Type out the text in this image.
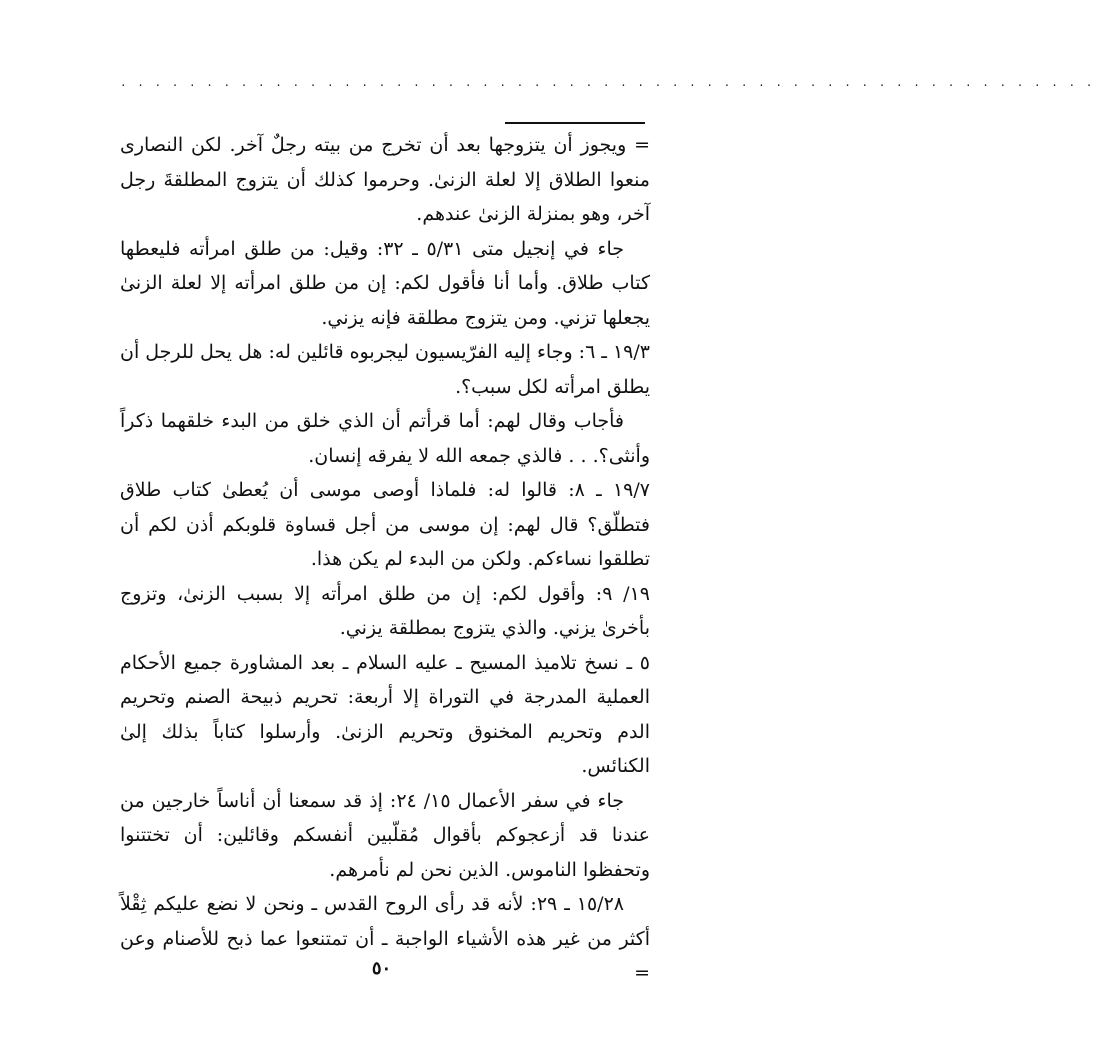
. . . . . . . . . . . . . . . . . . . . . . . . . . . . . . . . . . . . . . . . . . . . . . . . . . . . . . . . .

= ويجوز أن يتزوجها بعد أن تخرج من بيته رجلٌ آخر. لكن النصارى منعوا الطلاق إلا لعلة الزنىٰ. وحرموا كذلك أن يتزوج المطلقةَ رجل آخر، وهو بمنزلة الزنىٰ عندهم.

جاء في إنجيل متى ٥/٣١ ـ ٣٢: وقيل: من طلق امرأته فليعطها كتاب طلاق. وأما أنا فأقول لكم: إن من طلق امرأته إلا لعلة الزنىٰ يجعلها تزني. ومن يتزوج مطلقة فإنه يزني.

١٩/٣ ـ ٦: وجاء إليه الفرّيسيون ليجربوه قائلين له: هل يحل للرجل أن يطلق امرأته لكل سبب؟.

فأجاب وقال لهم: أما قرأتم أن الذي خلق من البدء خلقهما ذكراً وأنثى؟. . . فالذي جمعه الله لا يفرقه إنسان.

١٩/٧ ـ ٨: قالوا له: فلماذا أوصى موسى أن يُعطىٰ كتاب طلاق فتطلّق؟ قال لهم: إن موسى من أجل قساوة قلوبكم أذن لكم أن تطلقوا نساءكم. ولكن من البدء لم يكن هذا.

١٩/ ٩: وأقول لكم: إن من طلق امرأته إلا بسبب الزنىٰ، وتزوج بأخرىٰ يزني. والذي يتزوج بمطلقة يزني.

٥ ـ نسخ تلاميذ المسيح ـ عليه السلام ـ بعد المشاورة جميع الأحكام العملية المدرجة في التوراة إلا أربعة: تحريم ذبيحة الصنم وتحريم الدم وتحريم المخنوق وتحريم الزنىٰ. وأرسلوا كتاباً بذلك إلىٰ الكنائس.

جاء في سفر الأعمال ١٥/ ٢٤: إذ قد سمعنا أن أناساً خارجين من عندنا قد أزعجوكم بأقوال مُقلّبين أنفسكم وقائلين: أن تختتنوا وتحفظوا الناموس. الذين نحن لم نأمرهم.

١٥/٢٨ ـ ٢٩: لأنه قد رأى الروح القدس ـ ونحن لا نضع عليكم ثِقْلاً أكثر من غير هذه الأشياء الواجبة ـ أن تمتنعوا عما ذبح للأصنام وعن =

٥٠
